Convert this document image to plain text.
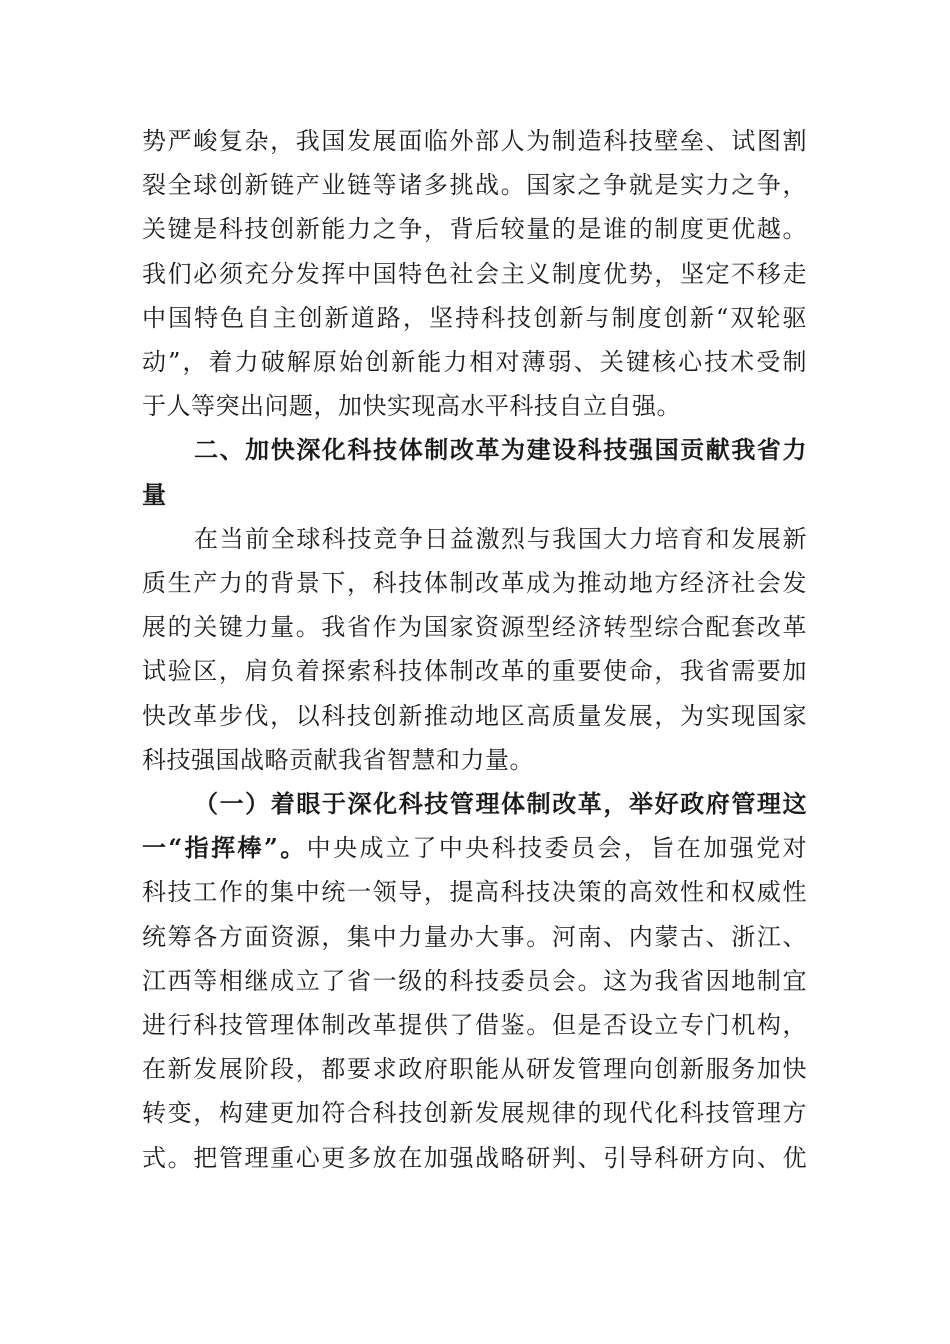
势严峻复杂，我国发展面临外部人为制造科技壁垒、试图割
裂全球创新链产业链等诸多挑战。国家之争就是实力之争，
关键是科技创新能力之争，背后较量的是谁的制度更优越。
我们必须充分发挥中国特色社会主义制度优势，坚定不移走
中国特色自主创新道路，坚持科技创新与制度创新“双轮驱
动”，着力破解原始创新能力相对薄弱、关键核心技术受制
于人等突出问题，加快实现高水平科技自立自强。

二、加快深化科技体制改革为建设科技强国贡献我省力
量

在当前全球科技竞争日益激烈与我国大力培育和发展新
质生产力的背景下，科技体制改革成为推动地方经济社会发
展的关键力量。我省作为国家资源型经济转型综合配套改革
试验区，肩负着探索科技体制改革的重要使命，我省需要加
快改革步伐，以科技创新推动地区高质量发展，为实现国家
科技强国战略贡献我省智慧和力量。

（一）着眼于深化科技管理体制改革，举好政府管理这
一“指挥棒”。中央成立了中央科技委员会，旨在加强党对
科技工作的集中统一领导，提高科技决策的高效性和权威性
统筹各方面资源，集中力量办大事。河南、内蒙古、浙江、
江西等相继成立了省一级的科技委员会。这为我省因地制宜
进行科技管理体制改革提供了借鉴。但是否设立专门机构，
在新发展阶段，都要求政府职能从研发管理向创新服务加快
转变，构建更加符合科技创新发展规律的现代化科技管理方
式。把管理重心更多放在加强战略研判、引导科研方向、优
